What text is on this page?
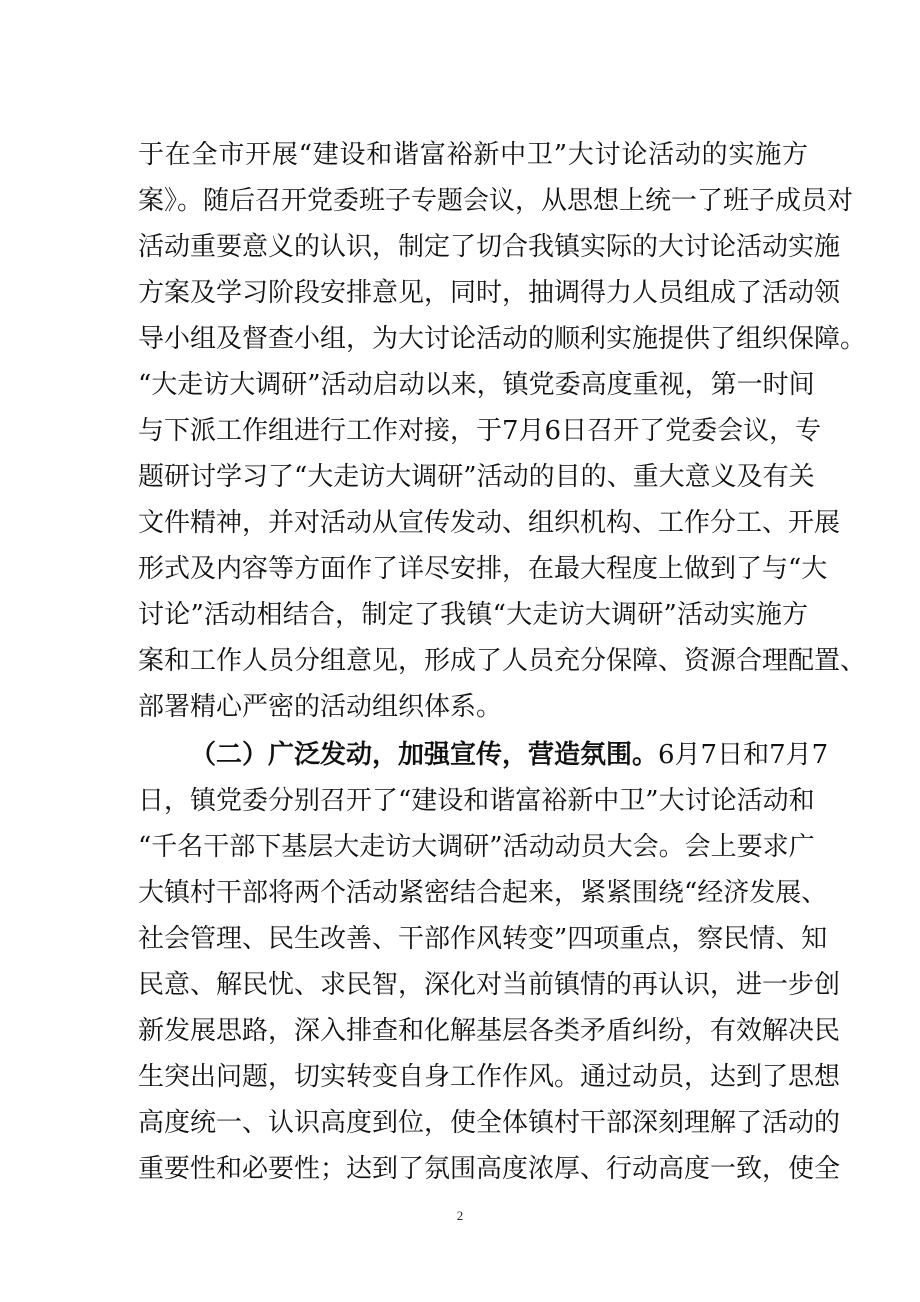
于在全市开展“建设和谐富裕新中卫”大讨论活动的实施方
案》。随后召开党委班子专题会议，从思想上统一了班子成员对
活动重要意义的认识，制定了切合我镇实际的大讨论活动实施
方案及学习阶段安排意见，同时，抽调得力人员组成了活动领
导小组及督查小组，为大讨论活动的顺利实施提供了组织保障。
“大走访大调研”活动启动以来，镇党委高度重视，第一时间
与下派工作组进行工作对接，于7月6日召开了党委会议，专
题研讨学习了“大走访大调研”活动的目的、重大意义及有关
文件精神，并对活动从宣传发动、组织机构、工作分工、开展
形式及内容等方面作了详尽安排，在最大程度上做到了与“大
讨论”活动相结合，制定了我镇“大走访大调研”活动实施方
案和工作人员分组意见，形成了人员充分保障、资源合理配置、
部署精心严密的活动组织体系。
（二）广泛发动，加强宣传，营造氛围。6月7日和7月7
日，镇党委分别召开了“建设和谐富裕新中卫”大讨论活动和
“千名干部下基层大走访大调研”活动动员大会。会上要求广
大镇村干部将两个活动紧密结合起来，紧紧围绕“经济发展、
社会管理、民生改善、干部作风转变”四项重点，察民情、知
民意、解民忧、求民智，深化对当前镇情的再认识，进一步创
新发展思路，深入排查和化解基层各类矛盾纠纷，有效解决民
生突出问题，切实转变自身工作作风。通过动员，达到了思想
高度统一、认识高度到位，使全体镇村干部深刻理解了活动的
重要性和必要性；达到了氛围高度浓厚、行动高度一致，使全
2
